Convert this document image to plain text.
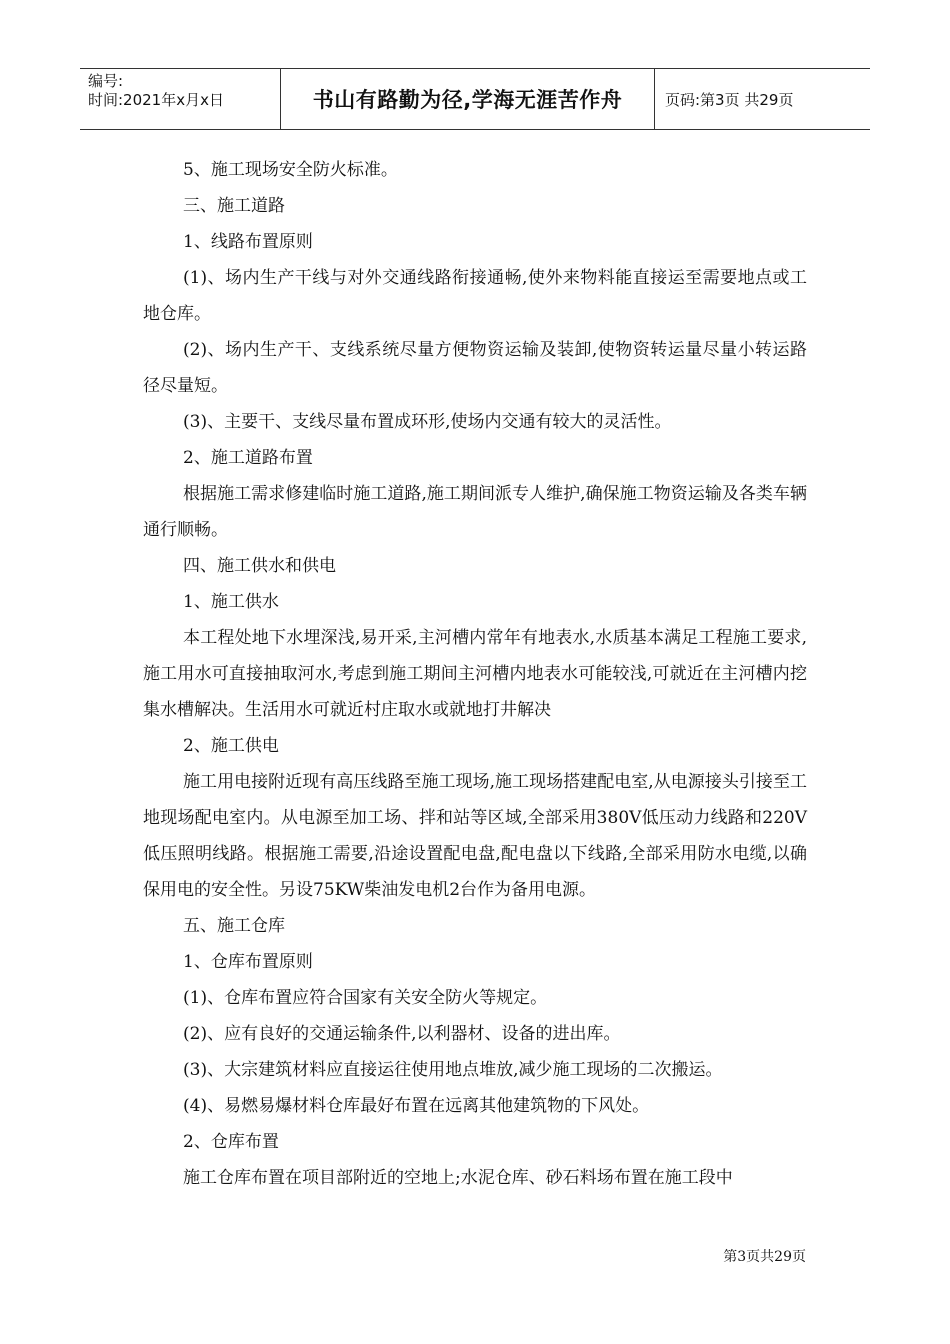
编号:
时间:2021年x月x日	书山有路勤为径,学海无涯苦作舟	页码:第3页 共29页

5、施工现场安全防火标准。

三、施工道路

1、线路布置原则

(1)、场内生产干线与对外交通线路衔接通畅,使外来物料能直接运至需要地点或工地仓库。

(2)、场内生产干、支线系统尽量方便物资运输及装卸,使物资转运量尽量小转运路径尽量短。

(3)、主要干、支线尽量布置成环形,使场内交通有较大的灵活性。

2、施工道路布置

根据施工需求修建临时施工道路,施工期间派专人维护,确保施工物资运输及各类车辆通行顺畅。

四、施工供水和供电

1、施工供水

本工程处地下水埋深浅,易开采,主河槽内常年有地表水,水质基本满足工程施工要求,施工用水可直接抽取河水,考虑到施工期间主河槽内地表水可能较浅,可就近在主河槽内挖集水槽解决。生活用水可就近村庄取水或就地打井解决

2、施工供电

施工用电接附近现有高压线路至施工现场,施工现场搭建配电室,从电源接头引接至工地现场配电室内。从电源至加工场、拌和站等区域,全部采用380V低压动力线路和220V低压照明线路。根据施工需要,沿途设置配电盘,配电盘以下线路,全部采用防水电缆,以确保用电的安全性。另设75KW柴油发电机2台作为备用电源。

五、施工仓库

1、仓库布置原则

(1)、仓库布置应符合国家有关安全防火等规定。

(2)、应有良好的交通运输条件,以利器材、设备的进出库。

(3)、大宗建筑材料应直接运往使用地点堆放,减少施工现场的二次搬运。

(4)、易燃易爆材料仓库最好布置在远离其他建筑物的下风处。

2、仓库布置

施工仓库布置在项目部附近的空地上;水泥仓库、砂石料场布置在施工段中

第3页共29页
